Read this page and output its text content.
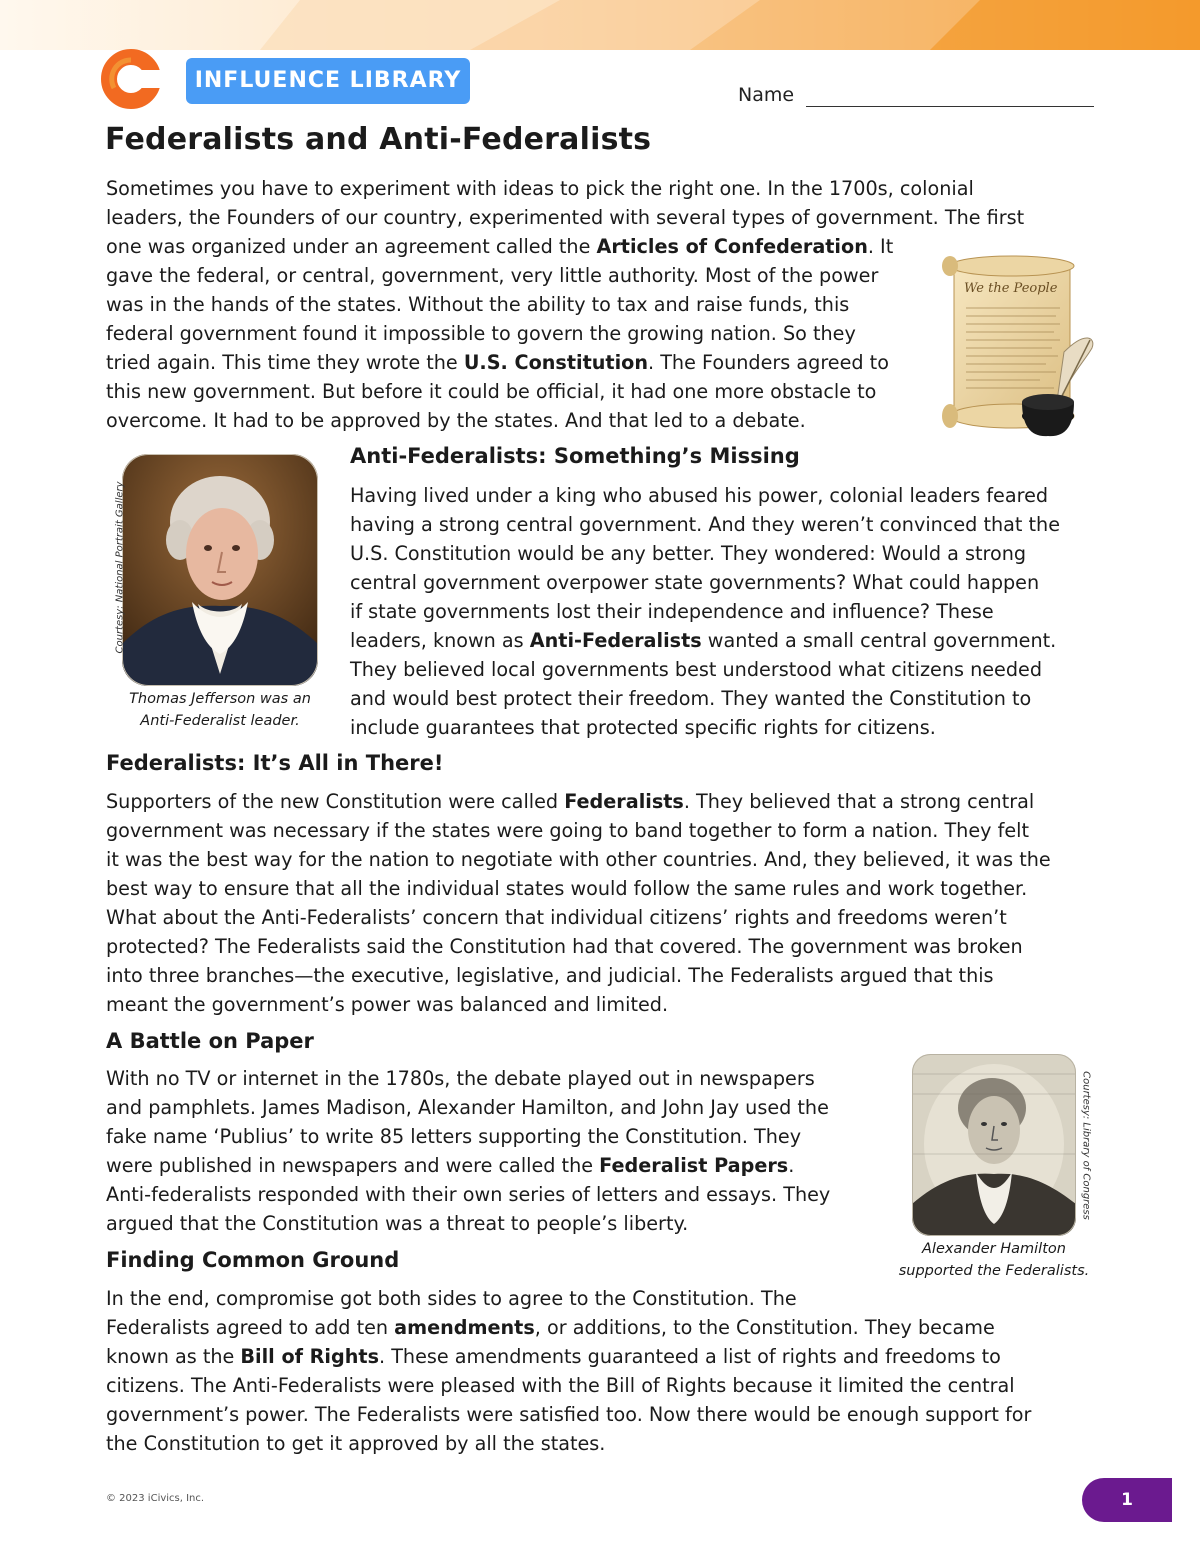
INFLUENCE LIBRARY
Name
Federalists and Anti-Federalists
Sometimes you have to experiment with ideas to pick the right one. In the 1700s, colonial
leaders, the Founders of our country, experimented with several types of government. The first
one was organized under an agreement called the Articles of Confederation. It
gave the federal, or central, government, very little authority. Most of the power
was in the hands of the states. Without the ability to tax and raise funds, this
federal government found it impossible to govern the growing nation. So they
tried again. This time they wrote the U.S. Constitution. The Founders agreed to
this new government. But before it could be official, it had one more obstacle to
overcome. It had to be approved by the states. And that led to a debate.
We the People
Courtesy: National Portrait Gallery
Thomas Jefferson was an
Anti-Federalist leader.
Anti-Federalists: Something’s Missing
Having lived under a king who abused his power, colonial leaders feared
having a strong central government. And they weren’t convinced that the
U.S. Constitution would be any better. They wondered: Would a strong
central government overpower state governments? What could happen
if state governments lost their independence and influence? These
leaders, known as Anti-Federalists wanted a small central government.
They believed local governments best understood what citizens needed
and would best protect their freedom. They wanted the Constitution to
include guarantees that protected specific rights for citizens.
Federalists: It’s All in There!
Supporters of the new Constitution were called Federalists. They believed that a strong central
government was necessary if the states were going to band together to form a nation. They felt
it was the best way for the nation to negotiate with other countries. And, they believed, it was the
best way to ensure that all the individual states would follow the same rules and work together.
What about the Anti-Federalists’ concern that individual citizens’ rights and freedoms weren’t
protected? The Federalists said the Constitution had that covered. The government was broken
into three branches—the executive, legislative, and judicial. The Federalists argued that this
meant the government’s power was balanced and limited.
A Battle on Paper
With no TV or internet in the 1780s, the debate played out in newspapers
and pamphlets. James Madison, Alexander Hamilton, and John Jay used the
fake name ‘Publius’ to write 85 letters supporting the Constitution. They
were published in newspapers and were called the Federalist Papers.
Anti-federalists responded with their own series of letters and essays. They
argued that the Constitution was a threat to people’s liberty.
Courtesy: Library of Congress
Alexander Hamilton
supported the Federalists.
Finding Common Ground
In the end, compromise got both sides to agree to the Constitution. The
Federalists agreed to add ten amendments, or additions, to the Constitution. They became
known as the Bill of Rights. These amendments guaranteed a list of rights and freedoms to
citizens. The Anti-Federalists were pleased with the Bill of Rights because it limited the central
government’s power. The Federalists were satisfied too. Now there would be enough support for
the Constitution to get it approved by all the states.
© 2023 iCivics, Inc.	1
